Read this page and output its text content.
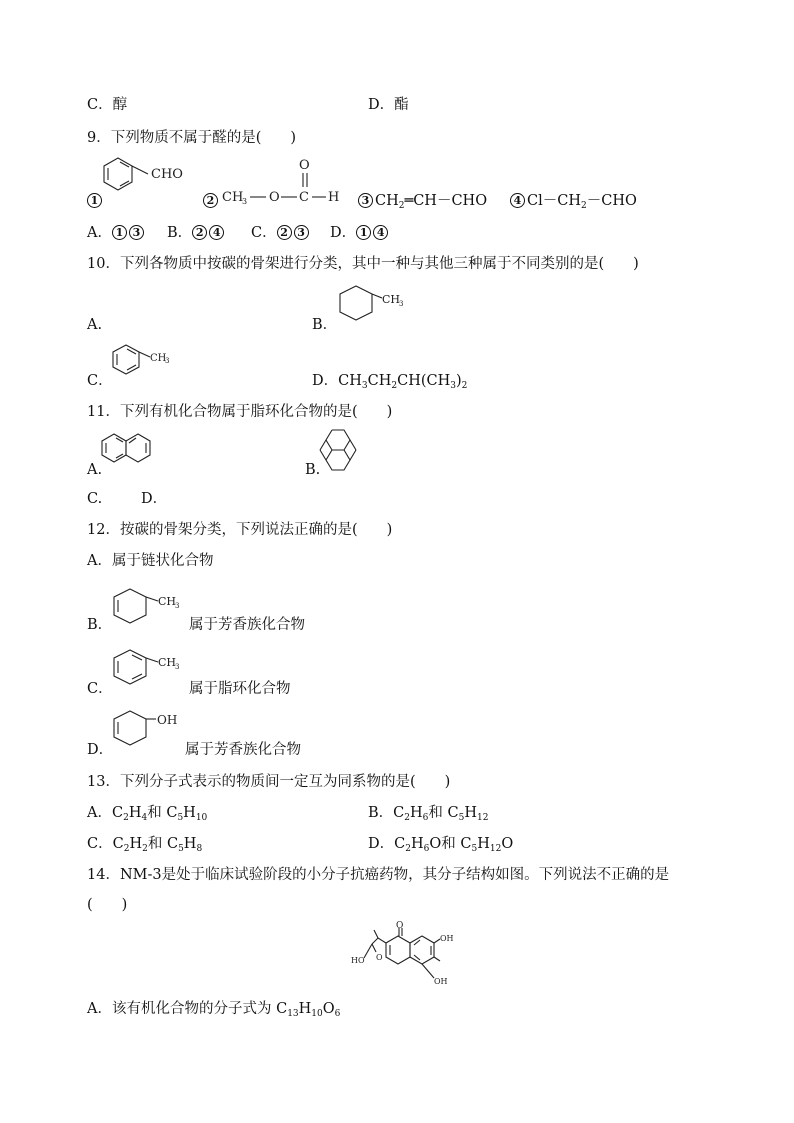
C．醇	D．酯
9．下列物质不属于醛的是(　　)
1
CHO
2 CH
3 O C
O
H	3 $CH_2═CH-CHO$	4 $Cl-CH_2-CHO$
A． 1 3	B． 2 4	C． 2 3	D． 1 4
10．下列各物质中按碳的骨架进行分类，其中一种与其他三种属于不同类别的是(　　)
A.	B．
CH
3
C．
CH
3
D．$CH_3CH_2CH(CH_3)_2$
11．下列有机化合物属于脂环化合物的是(　　)
A.	B.
C.	D．
12．按碳的骨架分类，下列说法正确的是(　　)
A．属于链状化合物
B．
CH
3
属于芳香族化合物
C．
CH
3
属于脂环化合物
D．
OH
属于芳香族化合物
13．下列分子式表示的物质间一定互为同系物的是(　　)
A．$C_2H_4$和 $C_5H_{10}$	B．$C_2H_6$和 $C_5H_{12}$
C．$C_2H_2$和 $C_5H_8$	D．$C_2H_6O$和 $C_5H_{12}O$
14．NM-3是处于临床试验阶段的小分子抗癌药物，其分子结构如图。下列说法不正确的是
(　　)
O
OH
OH
HO O
A．该有机化合物的分子式为 $C_{13}H_{10}O_6$
